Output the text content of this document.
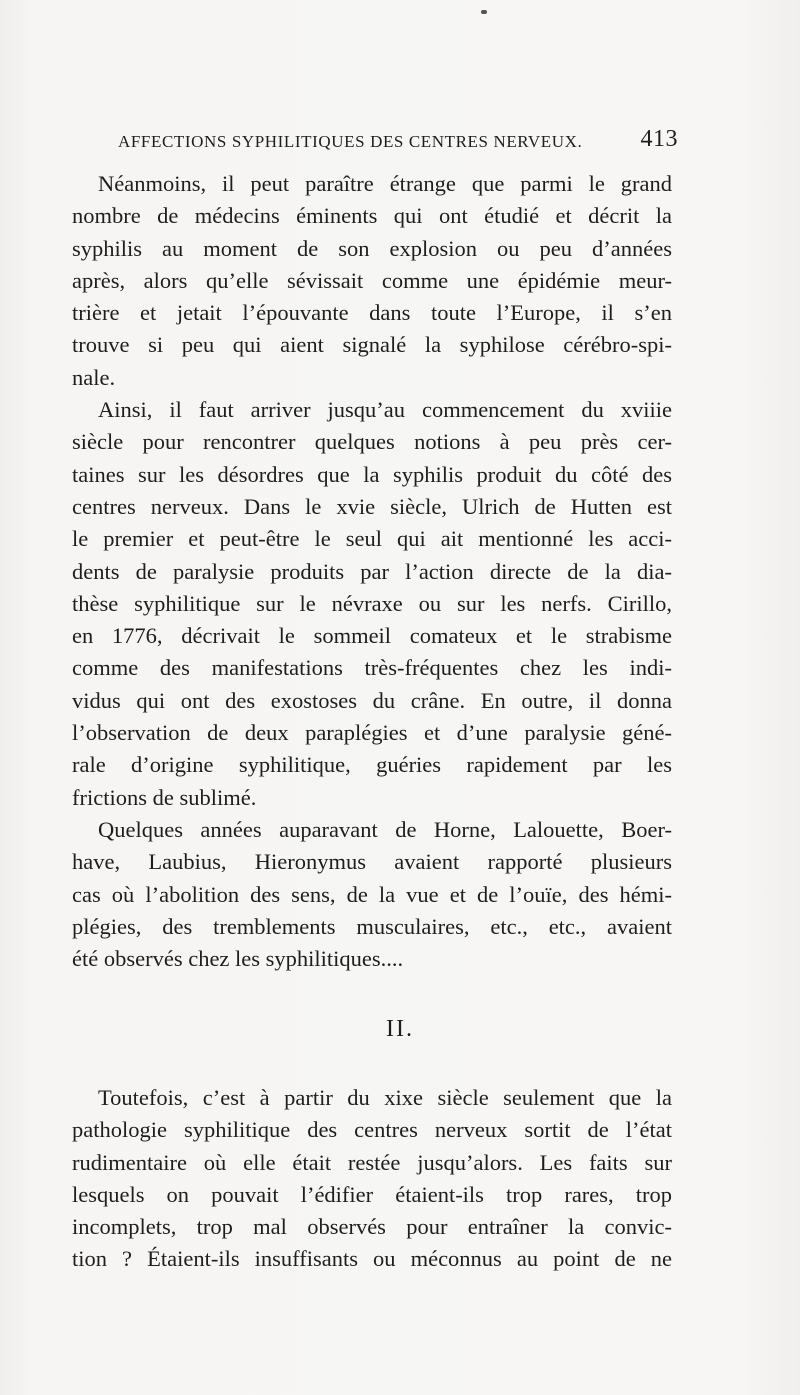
AFFECTIONS SYPHILITIQUES DES CENTRES NERVEUX. 413
Néanmoins, il peut paraître étrange que parmi le grand
nombre de médecins éminents qui ont étudié et décrit la
syphilis au moment de son explosion ou peu d’années
après, alors qu’elle sévissait comme une épidémie meur-
trière et jetait l’épouvante dans toute l’Europe, il s’en
trouve si peu qui aient signalé la syphilose cérébro-spi-
nale.
Ainsi, il faut arriver jusqu’au commencement du xviiie
siècle pour rencontrer quelques notions à peu près cer-
taines sur les désordres que la syphilis produit du côté des
centres nerveux. Dans le xvie siècle, Ulrich de Hutten est
le premier et peut-être le seul qui ait mentionné les acci-
dents de paralysie produits par l’action directe de la dia-
thèse syphilitique sur le névraxe ou sur les nerfs. Cirillo,
en 1776, décrivait le sommeil comateux et le strabisme
comme des manifestations très-fréquentes chez les indi-
vidus qui ont des exostoses du crâne. En outre, il donna
l’observation de deux paraplégies et d’une paralysie géné-
rale d’origine syphilitique, guéries rapidement par les
frictions de sublimé.
Quelques années auparavant de Horne, Lalouette, Boer-
have, Laubius, Hieronymus avaient rapporté plusieurs
cas où l’abolition des sens, de la vue et de l’ouïe, des hémi-
plégies, des tremblements musculaires, etc., etc., avaient
été observés chez les syphilitiques....
II.
Toutefois, c’est à partir du xixe siècle seulement que la
pathologie syphilitique des centres nerveux sortit de l’état
rudimentaire où elle était restée jusqu’alors. Les faits sur
lesquels on pouvait l’édifier étaient-ils trop rares, trop
incomplets, trop mal observés pour entraîner la convic-
tion ? Étaient-ils insuffisants ou méconnus au point de ne
